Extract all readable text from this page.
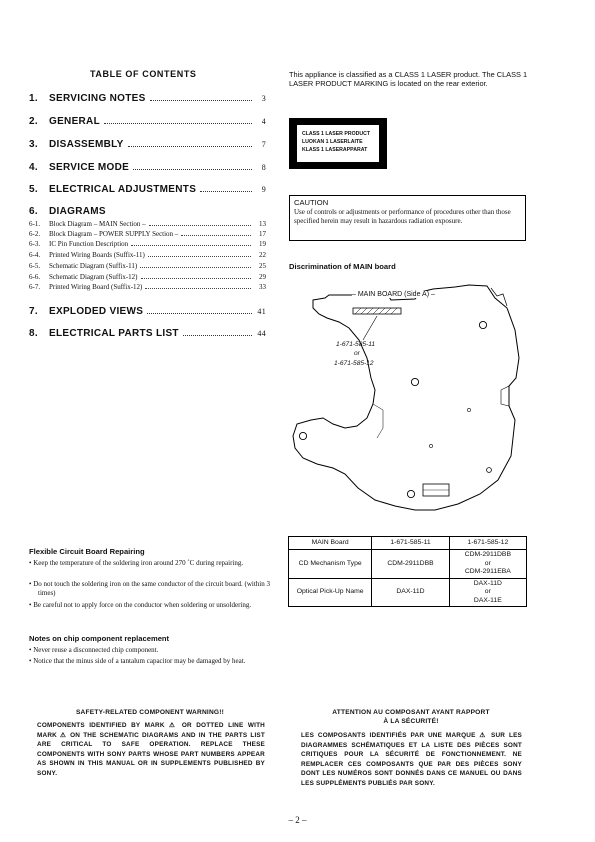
TABLE OF CONTENTS
1.	SERVICING NOTES	3
2.	GENERAL	4
3.	DISASSEMBLY	7
4.	SERVICE MODE	8
5.	ELECTRICAL ADJUSTMENTS	9
6.	DIAGRAMS
6-1.	Block Diagram – MAIN Section –	13
6-2.	Block Diagram – POWER SUPPLY Section –	17
6-3.	IC Pin Function Description	19
6-4.	Printed Wiring Boards (Suffix-11)	22
6-5.	Schematic Diagram (Suffix-11)	25
6-6.	Schematic Diagram (Suffix-12)	29
6-7.	Printed Wiring Board (Suffix-12)	33
7.	EXPLODED VIEWS	41
8.	ELECTRICAL PARTS LIST	44
This appliance is classified as a CLASS 1 LASER product. The CLASS 1 LASER PRODUCT MARKING is located on the rear exterior.
CLASS 1 LASER PRODUCT
LUOKAN 1 LASERLAITE
KLASS 1 LASERAPPARAT
CAUTION
Use of controls or adjustments or performance of procedures other than those specified herein may result in hazardous radiation exposure.
Discrimination of MAIN board
– MAIN BOARD (Side A) –
1-671-585-11
or
1-671-585-12
MAIN Board	1-671-585-11	1-671-585-12
CD Mechanism Type	CDM-2911DBB	CDM-2911DBB
or
CDM-2911EBA

Optical Pick-Up Name	DAX-11D	DAX-11D
or
DAX-11E
Flexible Circuit Board Repairing
• Keep the temperature of the soldering iron around 270 ˚C during repairing.
• Do not touch the soldering iron on the same conductor of the circuit board. (within 3 times)
• Be careful not to apply force on the conductor when soldering or unsoldering.
Notes on chip component replacement
• Never reuse a disconnected chip component.
• Notice that the minus side of a tantalum capacitor may be damaged by heat.
SAFETY-RELATED COMPONENT WARNING!!
COMPONENTS IDENTIFIED BY MARK ⚠ OR DOTTED LINE WITH MARK ⚠ ON THE SCHEMATIC DIAGRAMS AND IN THE PARTS LIST ARE CRITICAL TO SAFE OPERATION. REPLACE THESE COMPONENTS WITH SONY PARTS WHOSE PART NUMBERS APPEAR AS SHOWN IN THIS MANUAL OR IN SUPPLEMENTS PUBLISHED BY SONY.
ATTENTION AU COMPOSANT AYANT RAPPORT
À LA SÉCURITÉ!
LES COMPOSANTS IDENTIFIÉS PAR UNE MARQUE ⚠ SUR LES DIAGRAMMES SCHÉMATIQUES ET LA LISTE DES PIÈCES SONT CRITIQUES POUR LA SÉCURITÉ DE FONCTIONNEMENT. NE REMPLACER CES COMPOSANTS QUE PAR DES PIÈCES SONY DONT LES NUMÉROS SONT DONNÉS DANS CE MANUEL OU DANS LES SUPPLÉMENTS PUBLIÉS PAR SONY.
– 2 –
